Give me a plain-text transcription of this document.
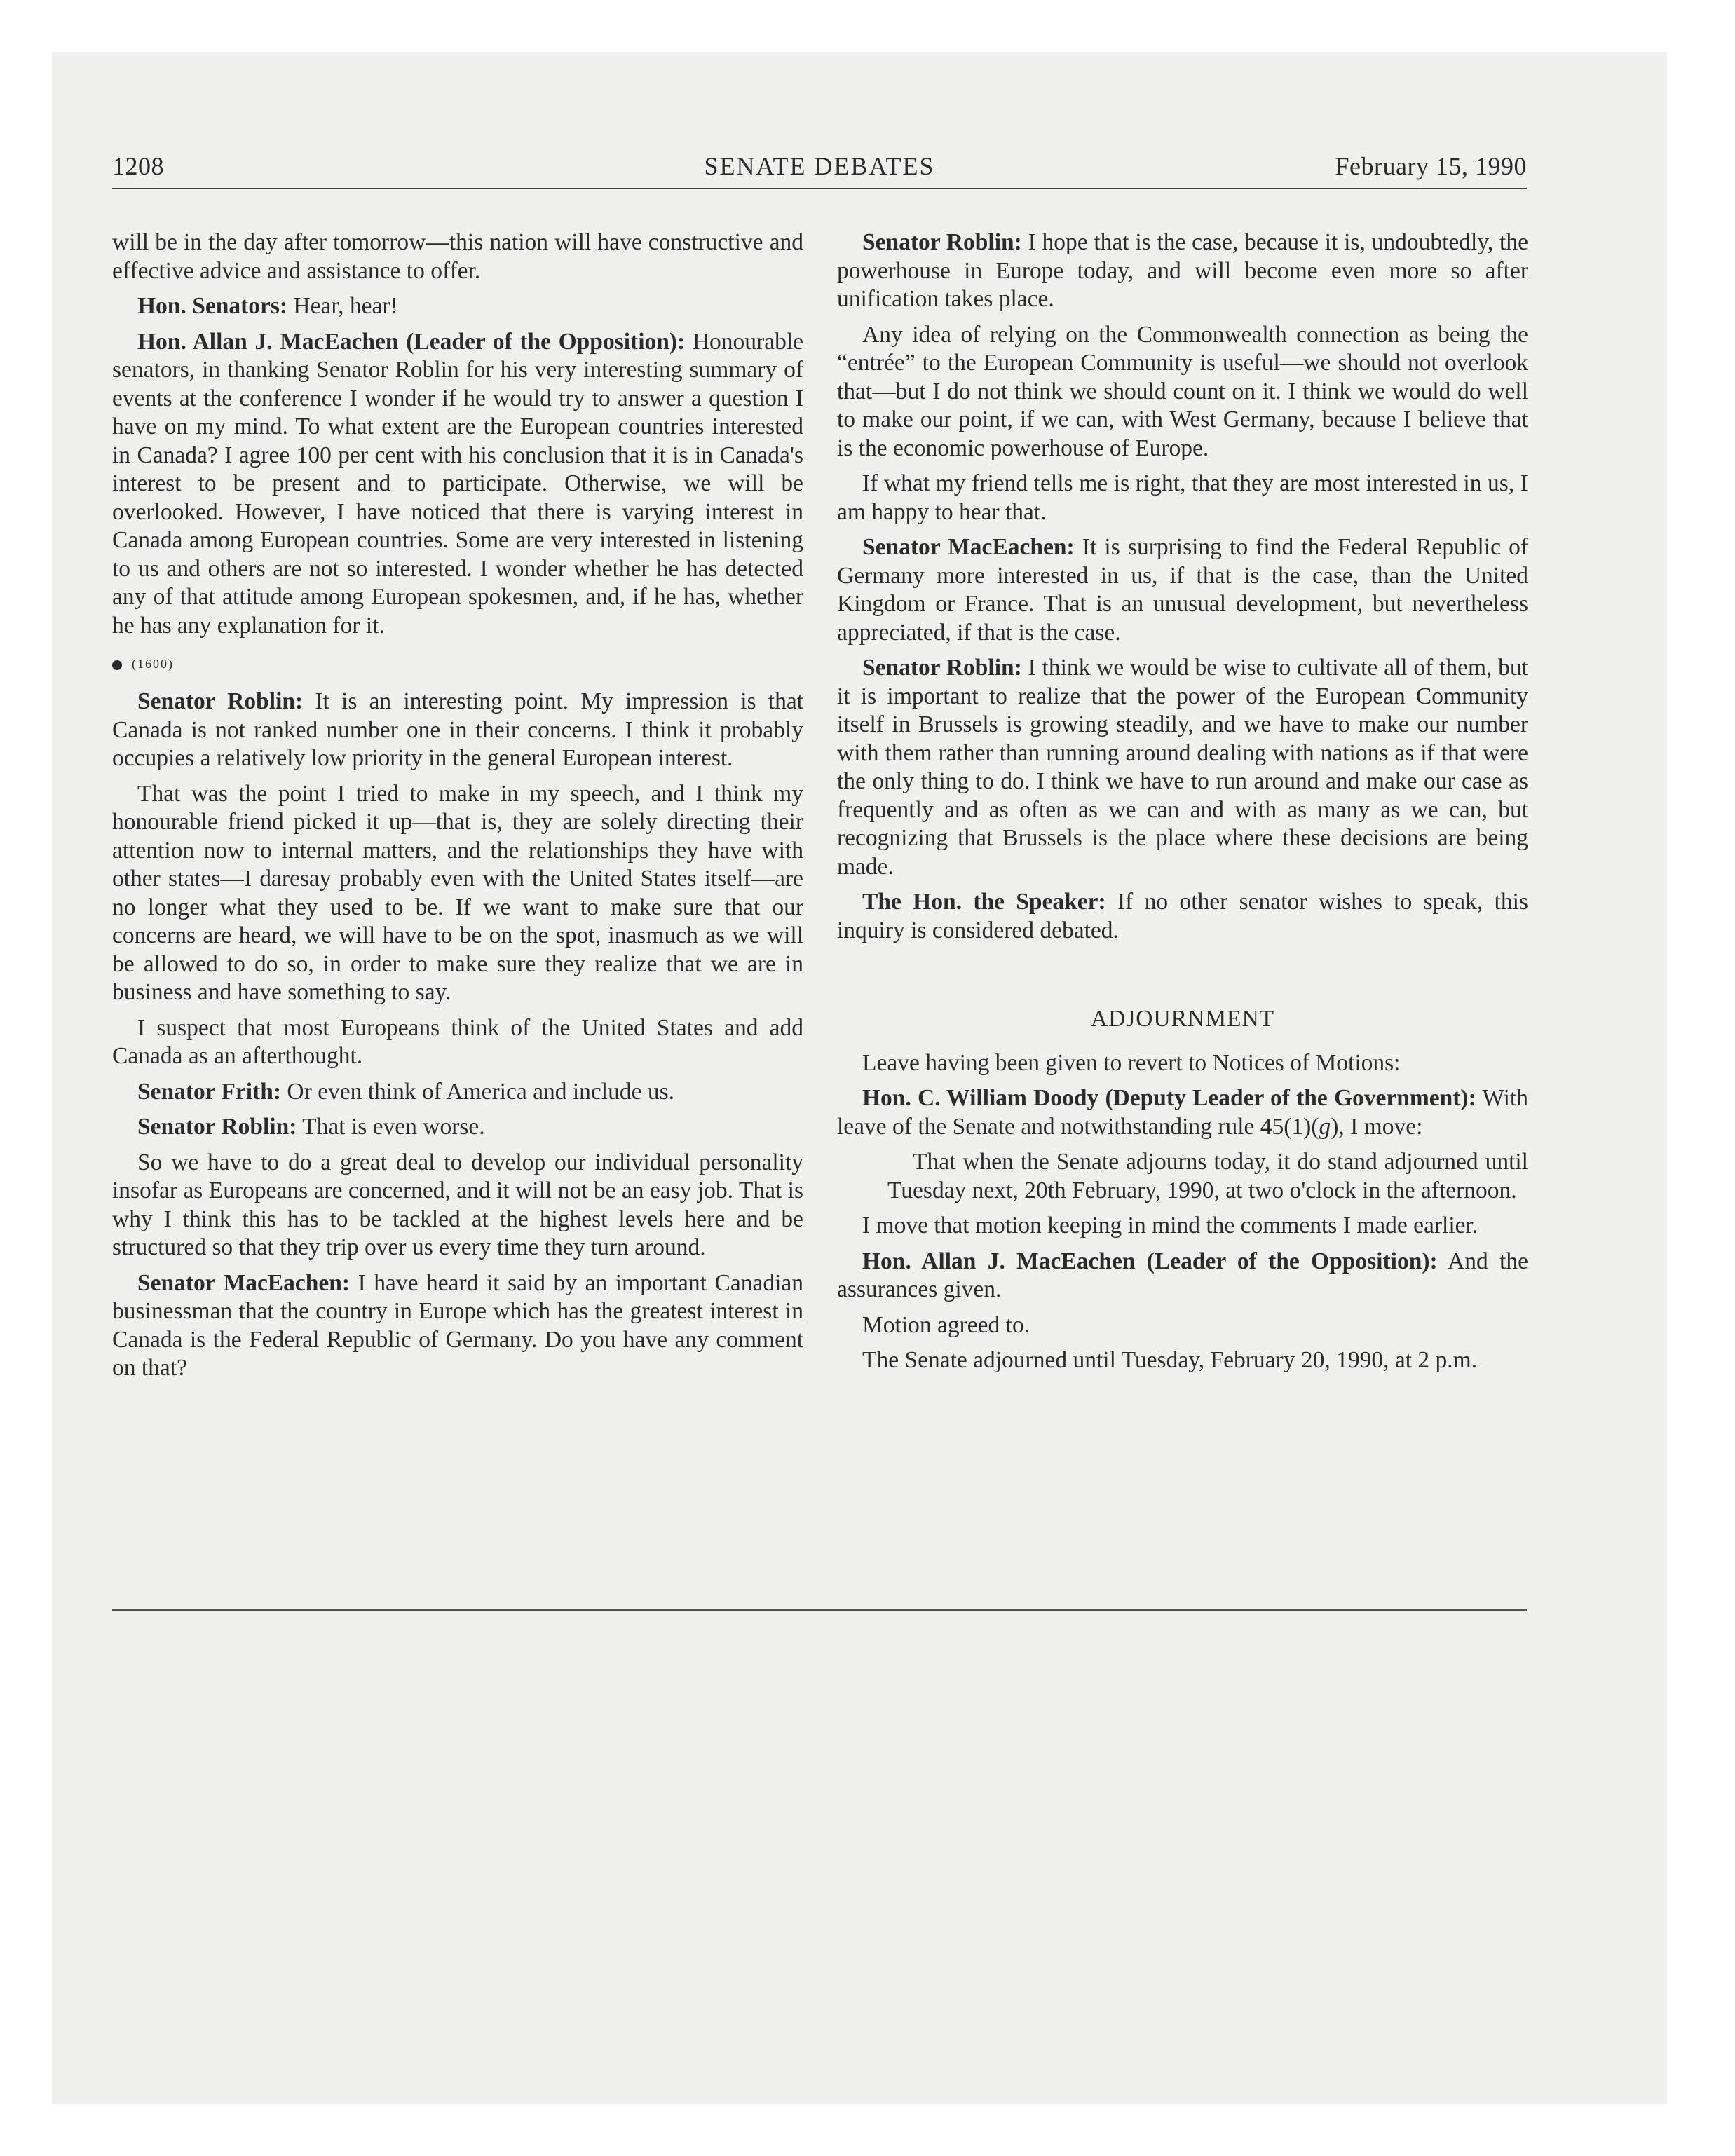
1208	SENATE DEBATES	February 15, 1990

will be in the day after tomorrow—this nation will have constructive and effective advice and assistance to offer.

Hon. Senators: Hear, hear!

Hon. Allan J. MacEachen (Leader of the Opposition): Honourable senators, in thanking Senator Roblin for his very interesting summary of events at the conference I wonder if he would try to answer a question I have on my mind. To what extent are the European countries interested in Canada? I agree 100 per cent with his conclusion that it is in Canada's interest to be present and to participate. Otherwise, we will be overlooked. However, I have noticed that there is varying interest in Canada among European countries. Some are very interested in listening to us and others are not so interested. I wonder whether he has detected any of that attitude among European spokesmen, and, if he has, whether he has any explanation for it.

(1600)

Senator Roblin: It is an interesting point. My impression is that Canada is not ranked number one in their concerns. I think it probably occupies a relatively low priority in the general European interest.

That was the point I tried to make in my speech, and I think my honourable friend picked it up—that is, they are solely directing their attention now to internal matters, and the relationships they have with other states—I daresay probably even with the United States itself—are no longer what they used to be. If we want to make sure that our concerns are heard, we will have to be on the spot, inasmuch as we will be allowed to do so, in order to make sure they realize that we are in business and have something to say.

I suspect that most Europeans think of the United States and add Canada as an afterthought.

Senator Frith: Or even think of America and include us.

Senator Roblin: That is even worse.

So we have to do a great deal to develop our individual personality insofar as Europeans are concerned, and it will not be an easy job. That is why I think this has to be tackled at the highest levels here and be structured so that they trip over us every time they turn around.

Senator MacEachen: I have heard it said by an important Canadian businessman that the country in Europe which has the greatest interest in Canada is the Federal Republic of Germany. Do you have any comment on that?

Senator Roblin: I hope that is the case, because it is, undoubtedly, the powerhouse in Europe today, and will become even more so after unification takes place.

Any idea of relying on the Commonwealth connection as being the “entrée” to the European Community is useful—we should not overlook that—but I do not think we should count on it. I think we would do well to make our point, if we can, with West Germany, because I believe that is the economic powerhouse of Europe.

If what my friend tells me is right, that they are most interested in us, I am happy to hear that.

Senator MacEachen: It is surprising to find the Federal Republic of Germany more interested in us, if that is the case, than the United Kingdom or France. That is an unusual development, but nevertheless appreciated, if that is the case.

Senator Roblin: I think we would be wise to cultivate all of them, but it is important to realize that the power of the European Community itself in Brussels is growing steadily, and we have to make our number with them rather than running around dealing with nations as if that were the only thing to do. I think we have to run around and make our case as frequently and as often as we can and with as many as we can, but recognizing that Brussels is the place where these decisions are being made.

The Hon. the Speaker: If no other senator wishes to speak, this inquiry is considered debated.

ADJOURNMENT

Leave having been given to revert to Notices of Motions:

Hon. C. William Doody (Deputy Leader of the Government): With leave of the Senate and notwithstanding rule 45(1)(g), I move:

That when the Senate adjourns today, it do stand adjourned until Tuesday next, 20th February, 1990, at two o'clock in the afternoon.

I move that motion keeping in mind the comments I made earlier.

Hon. Allan J. MacEachen (Leader of the Opposition): And the assurances given.

Motion agreed to.

The Senate adjourned until Tuesday, February 20, 1990, at 2 p.m.
